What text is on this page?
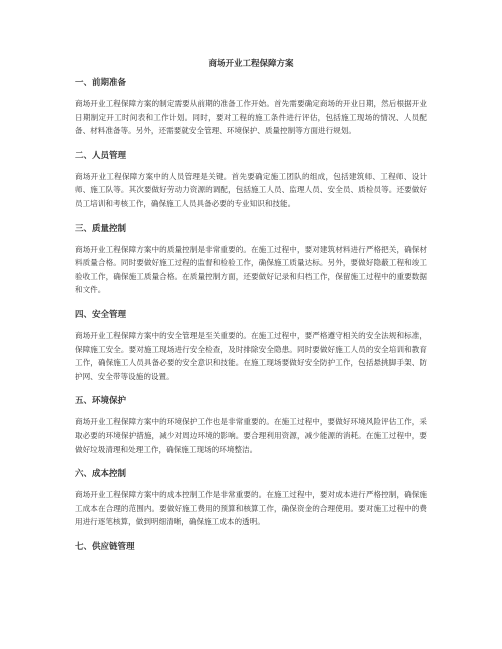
商场开业工程保障方案
一、前期准备

商场开业工程保障方案的制定需要从前期的准备工作开始。首先需要确定商场的开业日期，然后根据开业日期制定开工时间表和工作计划。同时，要对工程的施工条件进行评估，包括施工现场的情况、人员配备、材料准备等。另外，还需要就安全管理、环境保护、质量控制等方面进行规划。

二、人员管理

商场开业工程保障方案中的人员管理是关键。首先要确定施工团队的组成，包括建筑师、工程师、设计师、施工队等。其次要做好劳动力资源的调配，包括施工人员、监理人员、安全员、质检员等。还要做好员工培训和考核工作，确保施工人员具备必要的专业知识和技能。

三、质量控制

商场开业工程保障方案中的质量控制是非常重要的。在施工过程中，要对建筑材料进行严格把关，确保材料质量合格。同时要做好施工过程的监督和检验工作，确保施工质量达标。另外，要做好隐蔽工程和竣工验收工作，确保施工质量合格。在质量控制方面，还要做好记录和归档工作，保留施工过程中的重要数据和文件。

四、安全管理

商场开业工程保障方案中的安全管理是至关重要的。在施工过程中，要严格遵守相关的安全法规和标准，保障施工安全。要对施工现场进行安全检查，及时排除安全隐患。同时要做好施工人员的安全培训和教育工作，确保施工人员具备必要的安全意识和技能。在施工现场要做好安全防护工作，包括悬挑脚手架、防护网、安全带等设施的设置。

五、环境保护

商场开业工程保障方案中的环境保护工作也是非常重要的。在施工过程中，要做好环境风险评估工作，采取必要的环境保护措施，减少对周边环境的影响。要合理利用资源，减少能源的消耗。在施工过程中，要做好垃圾清理和处理工作，确保施工现场的环境整洁。

六、成本控制

商场开业工程保障方案中的成本控制工作是非常重要的。在施工过程中，要对成本进行严格控制，确保施工成本在合理的范围内。要做好施工费用的预算和核算工作，确保资金的合理使用。要对施工过程中的费用进行逐笔核算，做到明细清晰，确保施工成本的透明。

七、供应链管理
